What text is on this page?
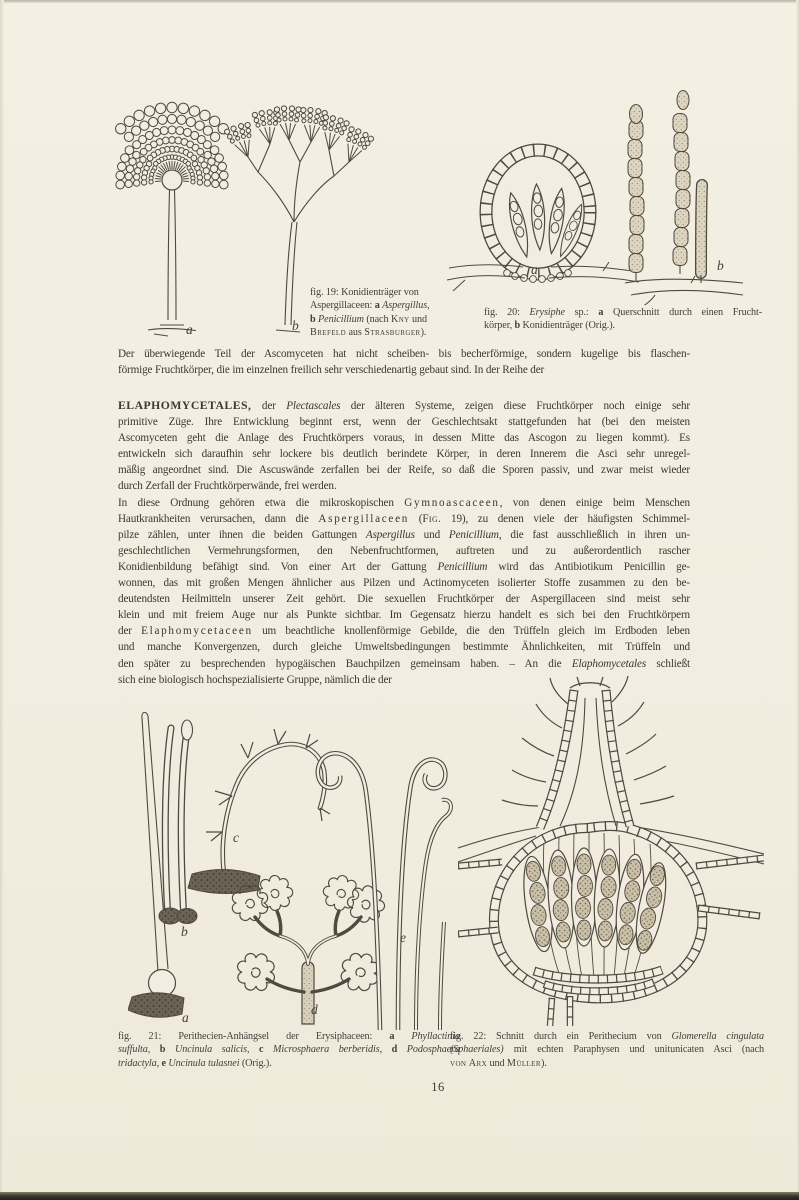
a	b
fig. 19: Konidienträger von
Aspergillaceen: a Aspergillus,
b Penicillium (nach Kny und
Brefeld aus Strasburger).
a	b
fig. 20: Erysiphe sp.: a Querschnitt durch einen Frucht-
körper, b Konidienträger (Orig.).
Der überwiegende Teil der Ascomyceten hat nicht scheiben- bis becherförmige, sondern kugelige bis flaschen-
förmige Fruchtkörper, die im einzelnen freilich sehr verschiedenartig gebaut sind. In der Reihe der
ELAPHOMYCETALES, der Plectascales der älteren Systeme, zeigen diese Fruchtkörper noch einige sehr
primitive Züge. Ihre Entwicklung beginnt erst, wenn der Geschlechtsakt stattgefunden hat (bei den meisten
Ascomyceten geht die Anlage des Fruchtkörpers voraus, in dessen Mitte das Ascogon zu liegen kommt). Es
entwickeln sich daraufhin sehr lockere bis deutlich berindete Körper, in deren Innerem die Asci sehr unregel-
mäßig angeordnet sind. Die Ascuswände zerfallen bei der Reife, so daß die Sporen passiv, und zwar meist wieder
durch Zerfall der Fruchtkörperwände, frei werden.
In diese Ordnung gehören etwa die mikroskopischen Gymnoascaceen, von denen einige beim Menschen
Hautkrankheiten verursachen, dann die Aspergillaceen (Fig. 19), zu denen viele der häufigsten Schimmel-
pilze zählen, unter ihnen die beiden Gattungen Aspergillus und Penicillium, die fast ausschließlich in ihren un-
geschlechtlichen Vermehrungsformen, den Nebenfruchtformen, auftreten und zu außerordentlich rascher
Konidienbildung befähigt sind. Von einer Art der Gattung Penicillium wird das Antibiotikum Penicillin ge-
wonnen, das mit großen Mengen ähnlicher aus Pilzen und Actinomyceten isolierter Stoffe zusammen zu den be-
deutendsten Heilmitteln unserer Zeit gehört. Die sexuellen Fruchtkörper der Aspergillaceen sind meist sehr
klein und mit freiem Auge nur als Punkte sichtbar. Im Gegensatz hierzu handelt es sich bei den Fruchtkörpern
der Elaphomycetaceen um beachtliche knollenförmige Gebilde, die den Trüffeln gleich im Erdboden leben
und manche Konvergenzen, durch gleiche Umweltsbedingungen bestimmte Ähnlichkeiten, mit Trüffeln und
den später zu besprechenden hypogäischen Bauchpilzen gemeinsam haben. – An die Elaphomycetales schließt
sich eine biologisch hochspezialisierte Gruppe, nämlich die der
a
b
c
d
e
fig. 21: Perithecien-Anhängsel der Erysiphaceen: a Phyllactinia
suffulta, b Uncinula salicis, c Microsphaera berberidis, d Podosphaera
tridactyla, e Uncinula tulasnei (Orig.).
fig. 22: Schnitt durch ein Perithecium von Glomerella cingulata
(Sphaeriales) mit echten Paraphysen und unitunicaten Asci (nach
von Arx und Müller).
16
